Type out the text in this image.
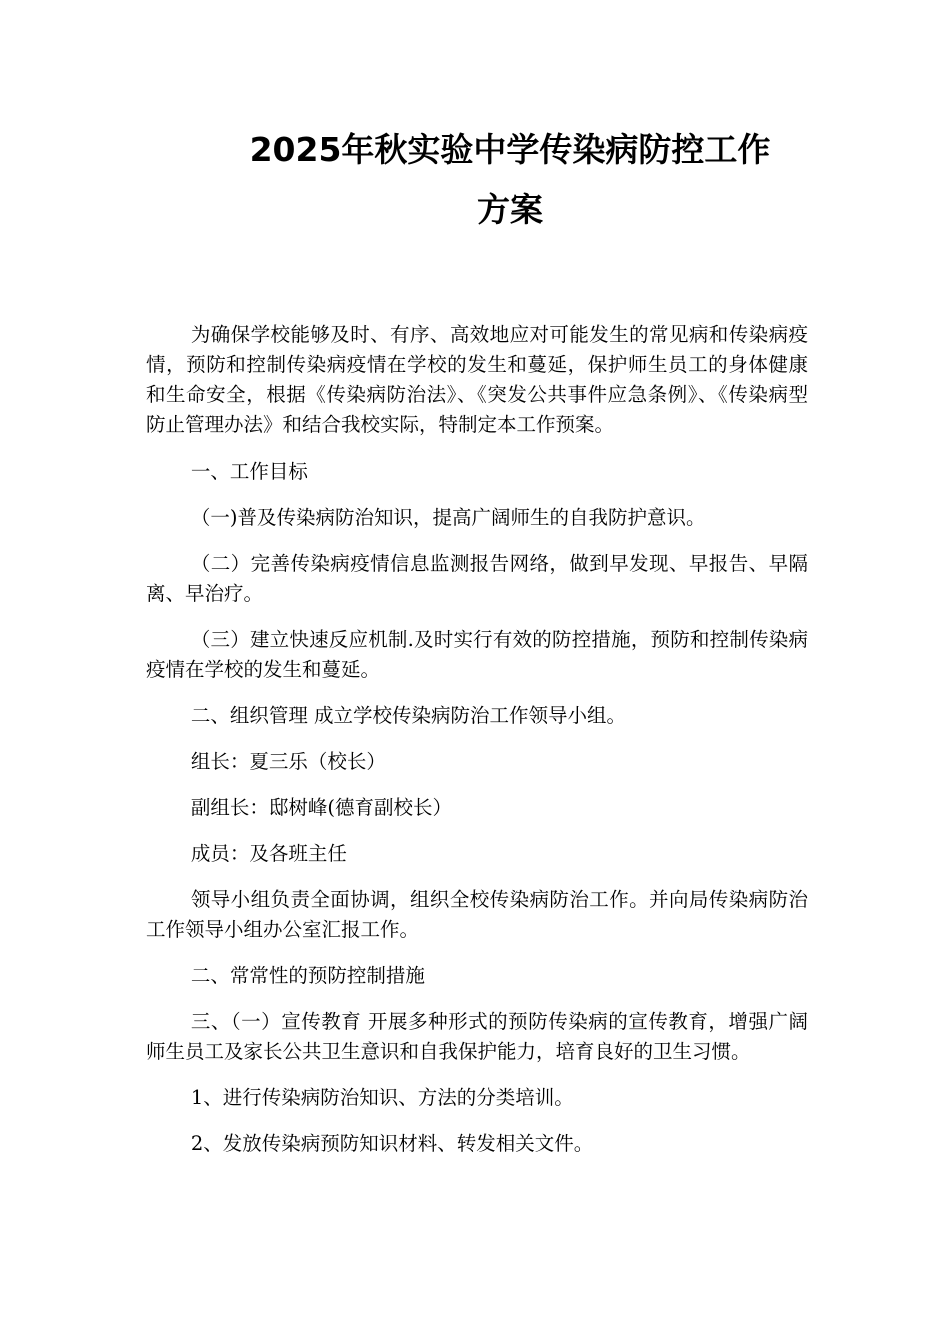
2025年秋实验中学传染病防控工作
方案

为确保学校能够及时、有序、高效地应对可能发生的常见病和传染病疫情，预防和控制传染病疫情在学校的发生和蔓延，保护师生员工的身体健康和生命安全，根据《传染病防治法》、《突发公共事件应急条例》、《传染病型防止管理办法》和结合我校实际，特制定本工作预案。

一、工作目标

（一)普及传染病防治知识，提高广阔师生的自我防护意识。

（二）完善传染病疫情信息监测报告网络，做到早发现、早报告、早隔离、早治疗。

（三）建立快速反应机制.及时实行有效的防控措施，预防和控制传染病疫情在学校的发生和蔓延。

二、组织管理 成立学校传染病防治工作领导小组。

组长：夏三乐（校长）

副组长：邸树峰(德育副校长）

成员：及各班主任

领导小组负责全面协调，组织全校传染病防治工作。并向局传染病防治工作领导小组办公室汇报工作。

二、常常性的预防控制措施

三、（一）宣传教育 开展多种形式的预防传染病的宣传教育，增强广阔师生员工及家长公共卫生意识和自我保护能力，培育良好的卫生习惯。

1、进行传染病防治知识、方法的分类培训。

2、发放传染病预防知识材料、转发相关文件。
